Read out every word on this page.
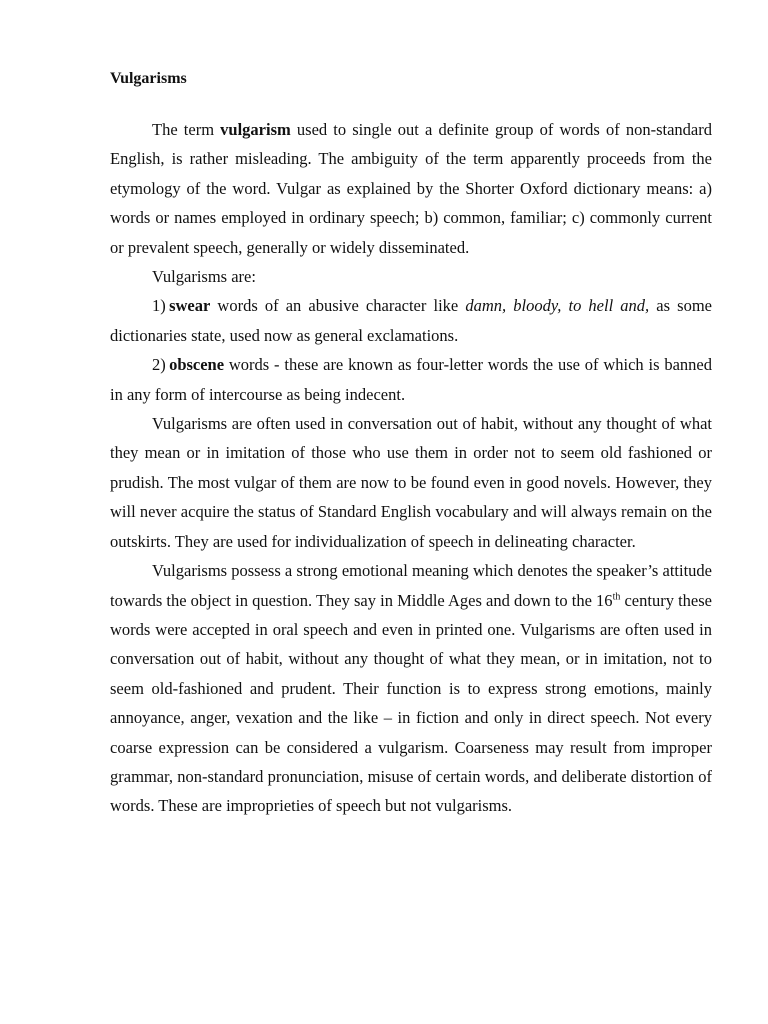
Vulgarisms

The term vulgarism used to single out a definite group of words of non-standard English, is rather misleading. The ambiguity of the term apparently proceeds from the etymology of the word. Vulgar as explained by the Shorter Oxford dictionary means: a) words or names employed in ordinary speech; b) common, familiar; c) commonly current or prevalent speech, generally or widely disseminated.

Vulgarisms are:

1) swear words of an abusive character like damn, bloody, to hell and, as some dictionaries state, used now as general exclamations.

2) obscene words - these are known as four-letter words the use of which is banned in any form of intercourse as being indecent.

Vulgarisms are often used in conversation out of habit, without any thought of what they mean or in imitation of those who use them in order not to seem old fashioned or prudish. The most vulgar of them are now to be found even in good novels. However, they will never acquire the status of Standard English vocabulary and will always remain on the outskirts. They are used for individualization of speech in delineating character.

Vulgarisms possess a strong emotional meaning which denotes the speaker’s attitude towards the object in question. They say in Middle Ages and down to the 16th century these words were accepted in oral speech and even in printed one. Vulgarisms are often used in conversation out of habit, without any thought of what they mean, or in imitation, not to seem old-fashioned and prudent. Their function is to express strong emotions, mainly annoyance, anger, vexation and the like – in fiction and only in direct speech. Not every coarse expression can be considered a vulgarism. Coarseness may result from improper grammar, non-standard pronunciation, misuse of certain words, and deliberate distortion of words. These are improprieties of speech but not vulgarisms.
